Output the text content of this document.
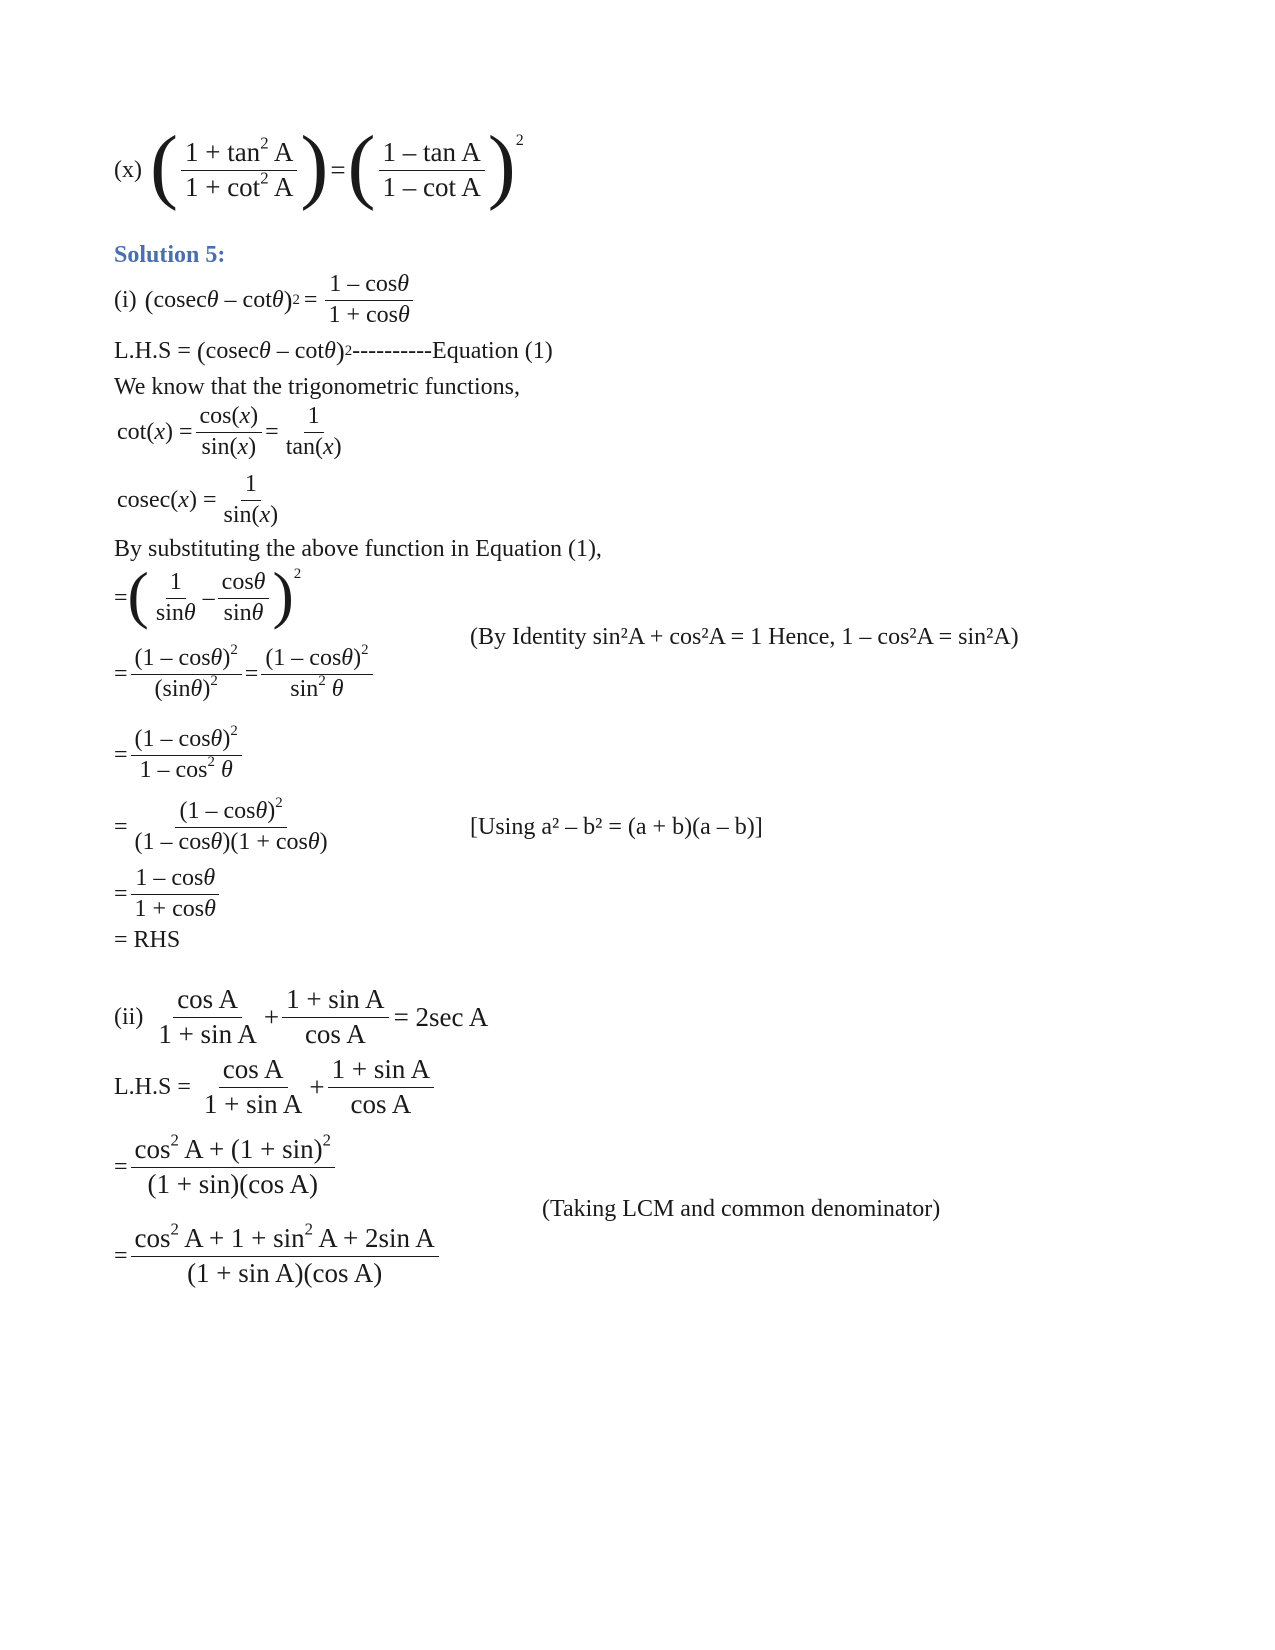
(x) ( $\frac{1 + \tan^2 A}{1 + \cot^2 A}$ ) = ( $\frac{\text{1 – tan A}}{\text{1 – cot A}}$ ) 2
Solution 5:
(i) ( cosecθ – cotθ ) $2 = \frac{1 - \cos\theta}{1 + \cos\theta}$
L.H.S = ( cosecθ – cotθ ) 2 ----------Equation (1)
We know that the trigonometric functions,
$\cot(x) = \frac{\cos(x)}{\sin(x)} = \frac{1}{\tan(x)}$
$cosec(x) = \frac{1}{\sin(x)}$
By substituting the above function in Equation (1),
= ( $\frac{1}{\sin\theta} - \frac{\cos\theta}{\sin\theta}$ ) 2
= $\frac{(1 - \cos\theta)^2}{(\sin\theta)^2} = \frac{(1 - \cos\theta)^2}{\sin^2 \theta}$
(By Identity sin²A + cos²A = 1 Hence, 1 – cos²A = sin²A)
= $\frac{(1 - \cos\theta)^2}{1 - \cos^2 \theta}$
= $\frac{(1 - \cos\theta)^2}{(1 - \cos\theta)(1 + \cos\theta)}$	[Using a² – b² = (a + b)(a – b)]
= $\frac{1 - \cos\theta}{1 + \cos\theta}$
= RHS
$(ii) \frac{\text{cos A}}{\text{1 + sin A}} + \frac{\text{1 + sin A}}{\text{cos A}} = 2\sec$ A
$L.H.S = \frac{\text{cos A}}{\text{1 + sin A}} + \frac{\text{1 + sin A}}{\text{cos A}}$
= $\frac{\cos^2 A + (1 + \sin)^2}{\text{(1 + sin)(cos A)}}$
(Taking LCM and common denominator)
= $\frac{\cos^2 A + 1 + \sin^2 A + 2\sin A}{\text{(1 + sin A)(cos A)}}$
